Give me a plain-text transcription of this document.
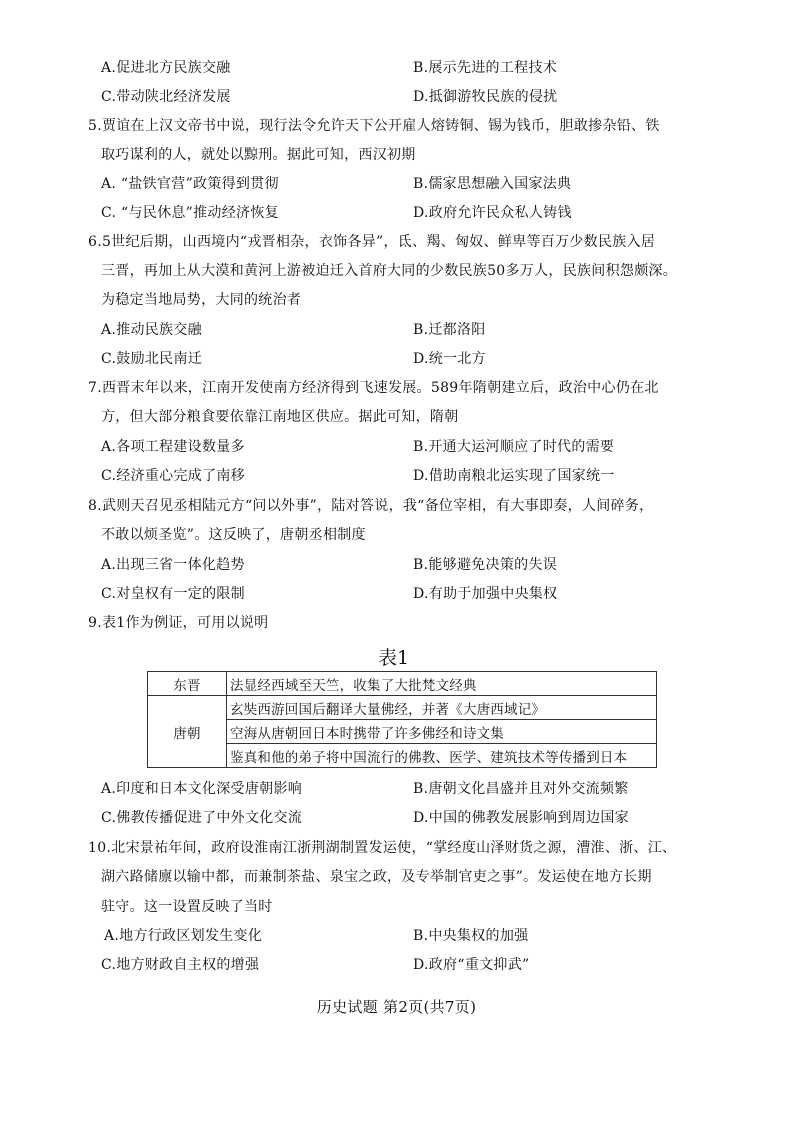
A.促进北方民族交融	B.展示先进的工程技术
C.带动陕北经济发展	D.抵御游牧民族的侵扰
5.贾谊在上汉文帝书中说，现行法令允许天下公开雇人熔铸铜、锡为钱币，胆敢掺杂铅、铁
取巧谋利的人，就处以黥刑。据此可知，西汉初期
A. “盐铁官营”政策得到贯彻	B.儒家思想融入国家法典
C. “与民休息”推动经济恢复	D.政府允许民众私人铸钱
6.5世纪后期，山西境内“戎晋相杂，衣饰各异”，氐、羯、匈奴、鲜卑等百万少数民族入居
三晋，再加上从大漠和黄河上游被迫迁入首府大同的少数民族50多万人，民族间积怨颇深。
为稳定当地局势，大同的统治者
A.推动民族交融	B.迁都洛阳
C.鼓励北民南迁	D.统一北方
7.西晋末年以来，江南开发使南方经济得到飞速发展。589年隋朝建立后，政治中心仍在北
方，但大部分粮食要依靠江南地区供应。据此可知，隋朝
A.各项工程建设数量多	B.开通大运河顺应了时代的需要
C.经济重心完成了南移	D.借助南粮北运实现了国家统一
8.武则天召见丞相陆元方“问以外事”，陆对答说，我“备位宰相，有大事即奏，人间碎务，
不敢以烦圣览”。这反映了，唐朝丞相制度
A.出现三省一体化趋势	B.能够避免决策的失误
C.对皇权有一定的限制	D.有助于加强中央集权
9.表1作为例证，可用以说明
表1
东晋	法显经西域至天竺，收集了大批梵文经典
唐朝	玄奘西游回国后翻译大量佛经，并著《大唐西域记》
	空海从唐朝回日本时携带了许多佛经和诗文集
	鉴真和他的弟子将中国流行的佛教、医学、建筑技术等传播到日本
A.印度和日本文化深受唐朝影响	B.唐朝文化昌盛并且对外交流频繁
C.佛教传播促进了中外文化交流	D.中国的佛教发展影响到周边国家
10.北宋景祐年间，政府设淮南江浙荆湖制置发运使，“掌经度山泽财货之源，漕淮、浙、江、
湖六路储廪以输中都，而兼制茶盐、泉宝之政，及专举制官吏之事”。发运使在地方长期
驻守。这一设置反映了当时
A.地方行政区划发生变化	B.中央集权的加强
C.地方财政自主权的增强	D.政府“重文抑武”
历史试题 第2页(共7页)
